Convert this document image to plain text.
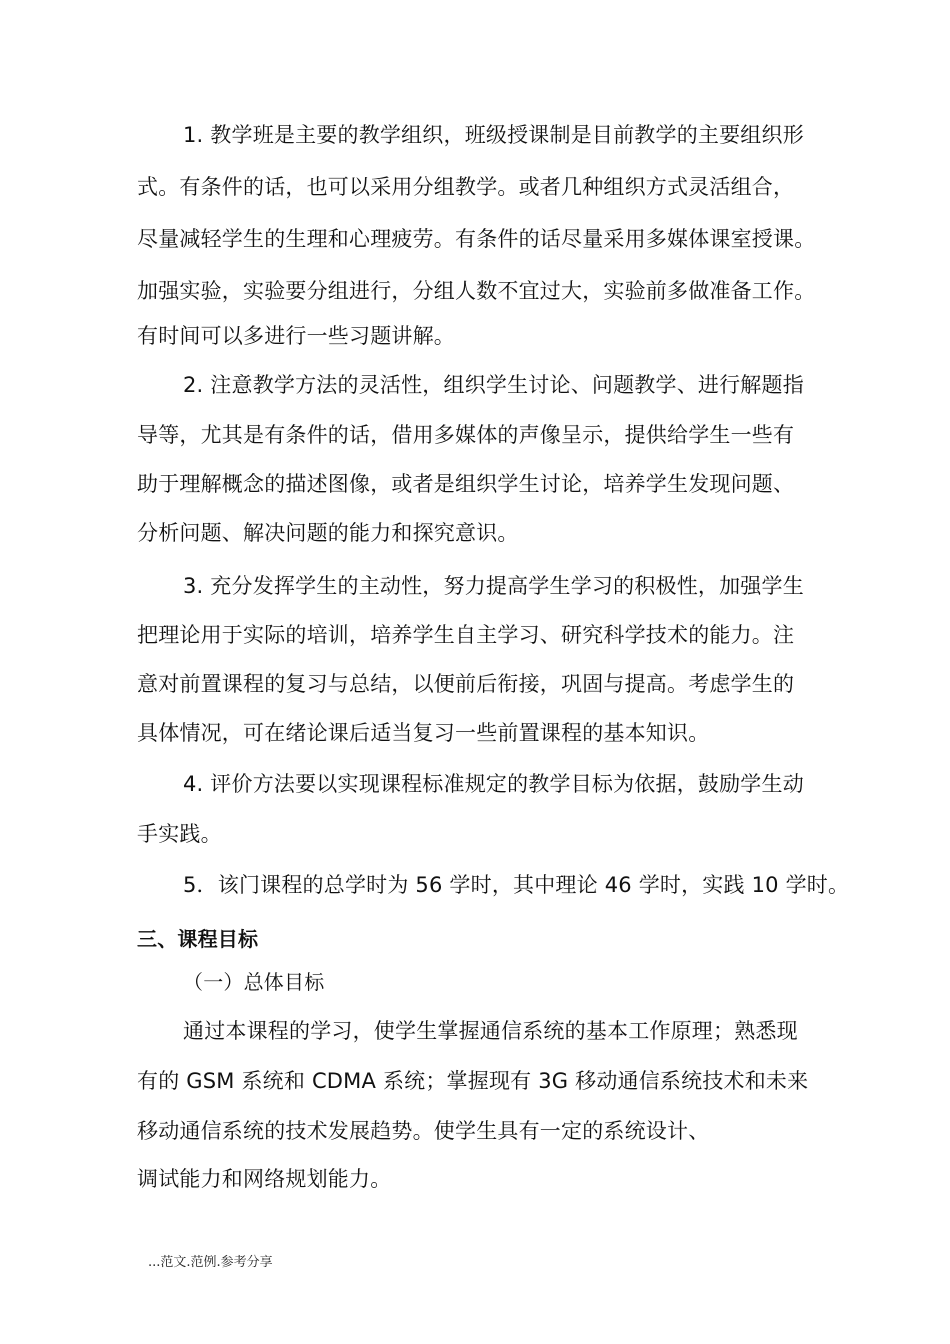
1. 教学班是主要的教学组织，班级授课制是目前教学的主要组织形
式。有条件的话，也可以采用分组教学。或者几种组织方式灵活组合，
尽量减轻学生的生理和心理疲劳。有条件的话尽量采用多媒体课室授课。
加强实验，实验要分组进行，分组人数不宜过大，实验前多做准备工作。
有时间可以多进行一些习题讲解。
2. 注意教学方法的灵活性，组织学生讨论、问题教学、进行解题指
导等，尤其是有条件的话，借用多媒体的声像呈示，提供给学生一些有
助于理解概念的描述图像，或者是组织学生讨论，培养学生发现问题、
分析问题、解决问题的能力和探究意识。
3. 充分发挥学生的主动性，努力提高学生学习的积极性，加强学生
把理论用于实际的培训，培养学生自主学习、研究科学技术的能力。注
意对前置课程的复习与总结，以便前后衔接，巩固与提高。考虑学生的
具体情况，可在绪论课后适当复习一些前置课程的基本知识。
4. 评价方法要以实现课程标准规定的教学目标为依据，鼓励学生动
手实践。
5．该门课程的总学时为 56 学时，其中理论 46 学时，实践 10 学时。
三、课程目标
（一）总体目标
通过本课程的学习，使学生掌握通信系统的基本工作原理；熟悉现
有的 GSM 系统和 CDMA 系统；掌握现有 3G 移动通信系统技术和未来
移动通信系统的技术发展趋势。使学生具有一定的系统设计、
调试能力和网络规划能力。
...范文.范例.参考分享
